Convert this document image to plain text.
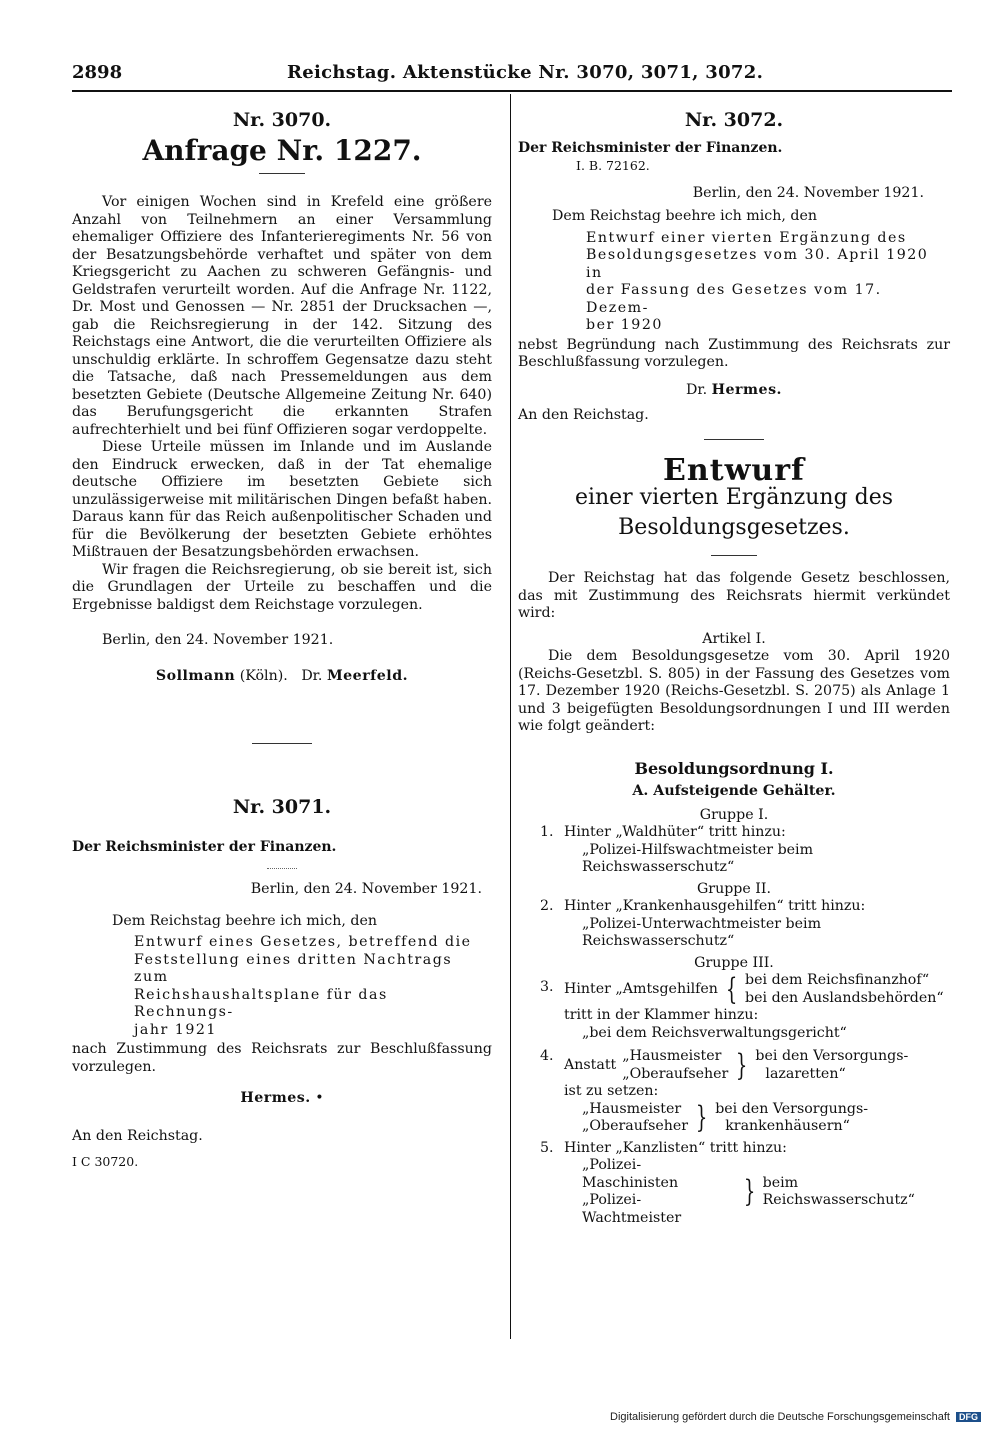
2898	Reichstag. Aktenstücke Nr. 3070, 3071, 3072.
Nr. 3070.
Anfrage Nr. 1227.

Vor einigen Wochen sind in Krefeld eine größere Anzahl von Teilnehmern an einer Versammlung ehemaliger Offiziere des Infanterieregiments Nr. 56 von der Besatzungsbehörde verhaftet und später von dem Kriegsgericht zu Aachen zu schweren Gefängnis- und Geldstrafen verurteilt worden. Auf die Anfrage Nr. 1122, Dr. Most und Genossen — Nr. 2851 der Drucksachen —, gab die Reichsregierung in der 142. Sitzung des Reichstags eine Antwort, die die verurteilten Offiziere als unschuldig erklärte. In schroffem Gegensatze dazu steht die Tatsache, daß nach Pressemeldungen aus dem besetzten Gebiete (Deutsche Allgemeine Zeitung Nr. 640) das Berufungsgericht die erkannten Strafen aufrechterhielt und bei fünf Offizieren sogar verdoppelte.

Diese Urteile müssen im Inlande und im Auslande den Eindruck erwecken, daß in der Tat ehemalige deutsche Offiziere im besetzten Gebiete sich unzulässigerweise mit militärischen Dingen befaßt haben. Daraus kann für das Reich außenpolitischer Schaden und für die Bevölkerung der besetzten Gebiete erhöhtes Mißtrauen der Besatzungsbehörden erwachsen.

Wir fragen die Reichsregierung, ob sie bereit ist, sich die Grundlagen der Urteile zu beschaffen und die Ergebnisse baldigst dem Reichstage vorzulegen.

Berlin, den 24. November 1921.

Sollmann (Köln). Dr. Meerfeld.
Nr. 3071.
Der Reichsminister der Finanzen.
Berlin, den 24. November 1921.
Dem Reichstag beehre ich mich, den
Entwurf eines Gesetzes, betreffend die
Feststellung eines dritten Nachtrags zum
Reichshaushaltsplane für das Rechnungs-
jahr 1921

nach Zustimmung des Reichsrats zur Beschlußfassung vorzulegen.

Hermes. •
An den Reichstag.
I C 30720.
Nr. 3072.
Der Reichsminister der Finanzen.
I. B. 72162.
Berlin, den 24. November 1921.
Dem Reichstag beehre ich mich, den
Entwurf einer vierten Ergänzung des
Besoldungsgesetzes vom 30. April 1920 in
der Fassung des Gesetzes vom 17. Dezem-
ber 1920

nebst Begründung nach Zustimmung des Reichsrats zur Beschlußfassung vorzulegen.

Dr. Hermes.
An den Reichstag.
Entwurf
einer vierten Ergänzung des
Besoldungsgesetzes.

Der Reichstag hat das folgende Gesetz beschlossen, das mit Zustimmung des Reichsrats hiermit verkündet wird:

Artikel I.

Die dem Besoldungsgesetze vom 30. April 1920 (Reichs-Gesetzbl. S. 805) in der Fassung des Gesetzes vom 17. Dezember 1920 (Reichs-Gesetzbl. S. 2075) als Anlage 1 und 3 beigefügten Besoldungsordnungen I und III werden wie folgt geändert:

Besoldungsordnung I.
A. Aufsteigende Gehälter.
Gruppe I.
1. Hinter „Waldhüter“ tritt hinzu:
„Polizei-Hilfswachtmeister beim Reichswasserschutz“
Gruppe II.
2. Hinter „Krankenhausgehilfen“ tritt hinzu:
„Polizei-Unterwachtmeister beim Reichswasserschutz“
Gruppe III.
3. Hinter „Amtsgehilfen { bei dem Reichsfinanzhof“
bei den Auslandsbehörden“
tritt in der Klammer hinzu:
„bei dem Reichsverwaltungsgericht“
4.
Anstatt
„Hausmeister
„Oberaufseher } bei den Versorgungs-
lazaretten“
ist zu setzen:
„Hausmeister
„Oberaufseher } bei den Versorgungs-
krankenhäusern“
5. Hinter „Kanzlisten“ tritt hinzu:
„Polizei-Maschinisten
„Polizei-Wachtmeister
} beim Reichswasserschutz“
Digitalisierung gefördert durch die Deutsche Forschungsgemeinschaft DFG
